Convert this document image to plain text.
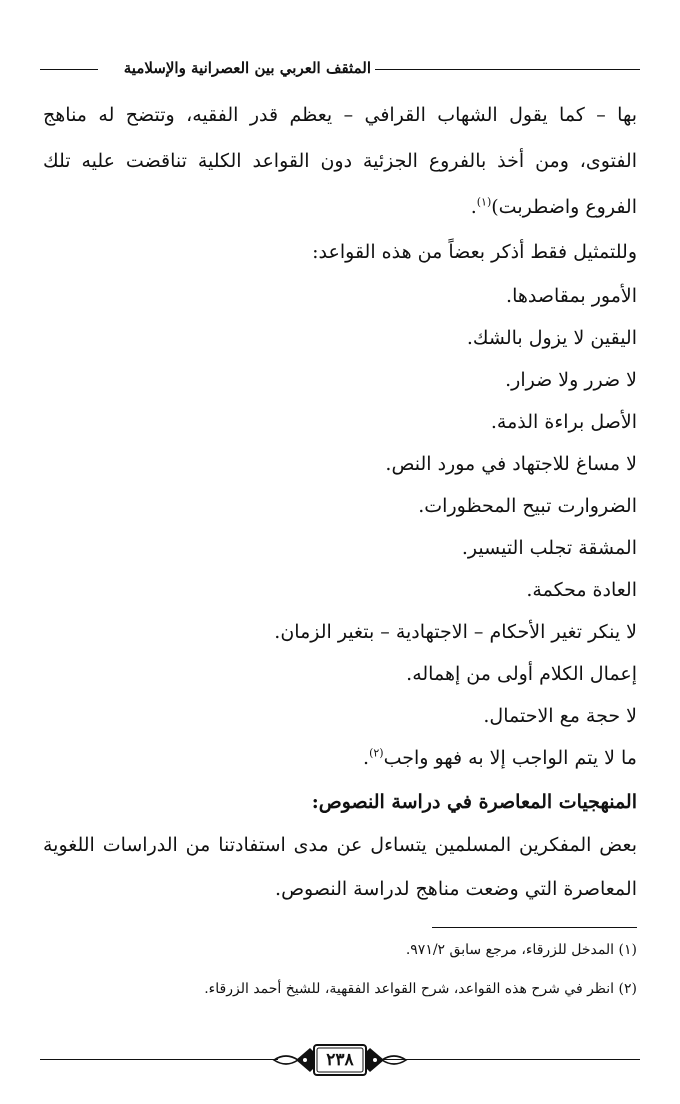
المثقف العربي بين العصرانية والإسلامية
بها – كما يقول الشهاب القرافي – يعظم قدر الفقيه، وتتضح له مناهج
الفتوى، ومن أخذ بالفروع الجزئية دون القواعد الكلية تناقضت عليه تلك
الفروع واضطربت)$^{(١)}$.
وللتمثيل فقط أذكر بعضاً من هذه القواعد:
الأمور بمقاصدها.
اليقين لا يزول بالشك.
لا ضرر ولا ضرار.
الأصل براءة الذمة.
لا مساغ للاجتهاد في مورد النص.
الضروارت تبيح المحظورات.
المشقة تجلب التيسير.
العادة محكمة.
لا ينكر تغير الأحكام – الاجتهادية – بتغير الزمان.
إعمال الكلام أولى من إهماله.
لا حجة مع الاحتمال.
ما لا يتم الواجب إلا به فهو واجب$^{(٢)}$.
المنهجيات المعاصرة في دراسة النصوص:
بعض المفكرين المسلمين يتساءل عن مدى استفادتنا من الدراسات اللغوية
المعاصرة التي وضعت مناهج لدراسة النصوص.
(١) المدخل للزرقاء، مرجع سابق ٩٧١/٢.
(٢) انظر في شرح هذه القواعد، شرح القواعد الفقهية، للشيخ أحمد الزرقاء.
٢٣٨
